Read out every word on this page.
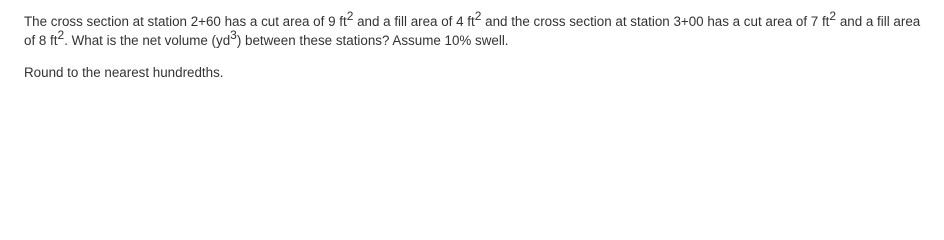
The cross section at station 2+60 has a cut area of 9 $ft^2$ and a fill area of 4 $ft^2$ and the cross section at station 3+00 has a cut area of 7 $ft^2$ and a fill area of 8 $ft^2$. What is the net volume $(yd^3)$ between these stations? Assume 10% swell.

Round to the nearest hundredths.
